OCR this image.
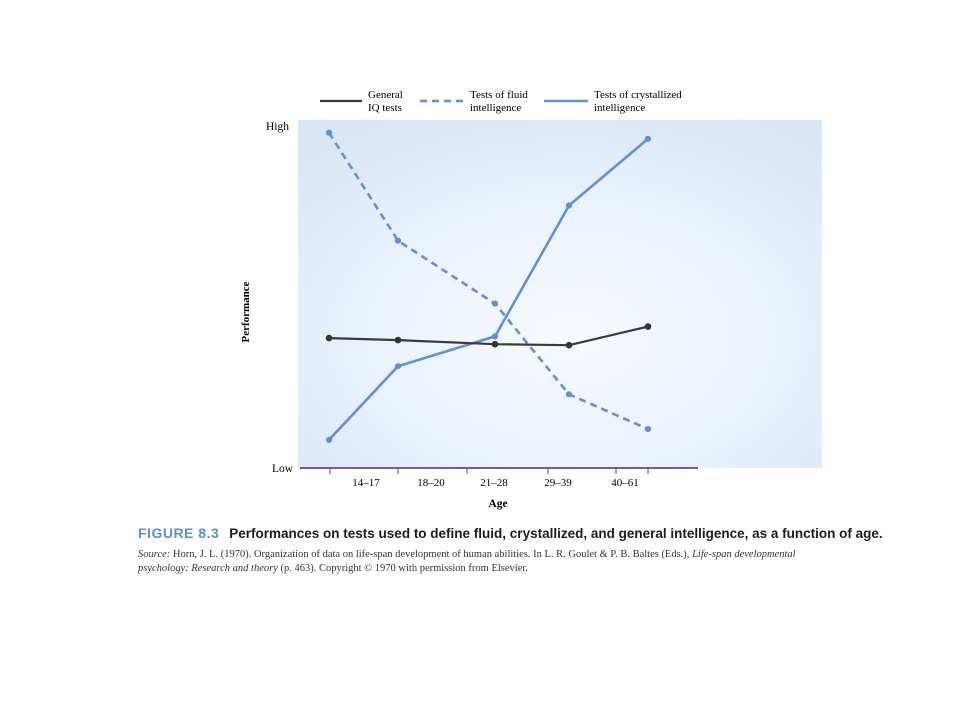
General
IQ tests
Tests of fluid
intelligence
Tests of crystallized
intelligence
High
Low
Performance
14–17	18–20	21–28	29–39	40–61
Age
FIGURE 8.3 Performances on tests used to define fluid, crystallized, and general intelligence, as a function of age.
Source: Horn, J. L. (1970). Organization of data on life-span development of human abilities. In L. R. Goulet & P. B. Baltes (Eds.), Life-span developmental psychology: Research and theory (p. 463). Copyright © 1970 with permission from Elsevier.
